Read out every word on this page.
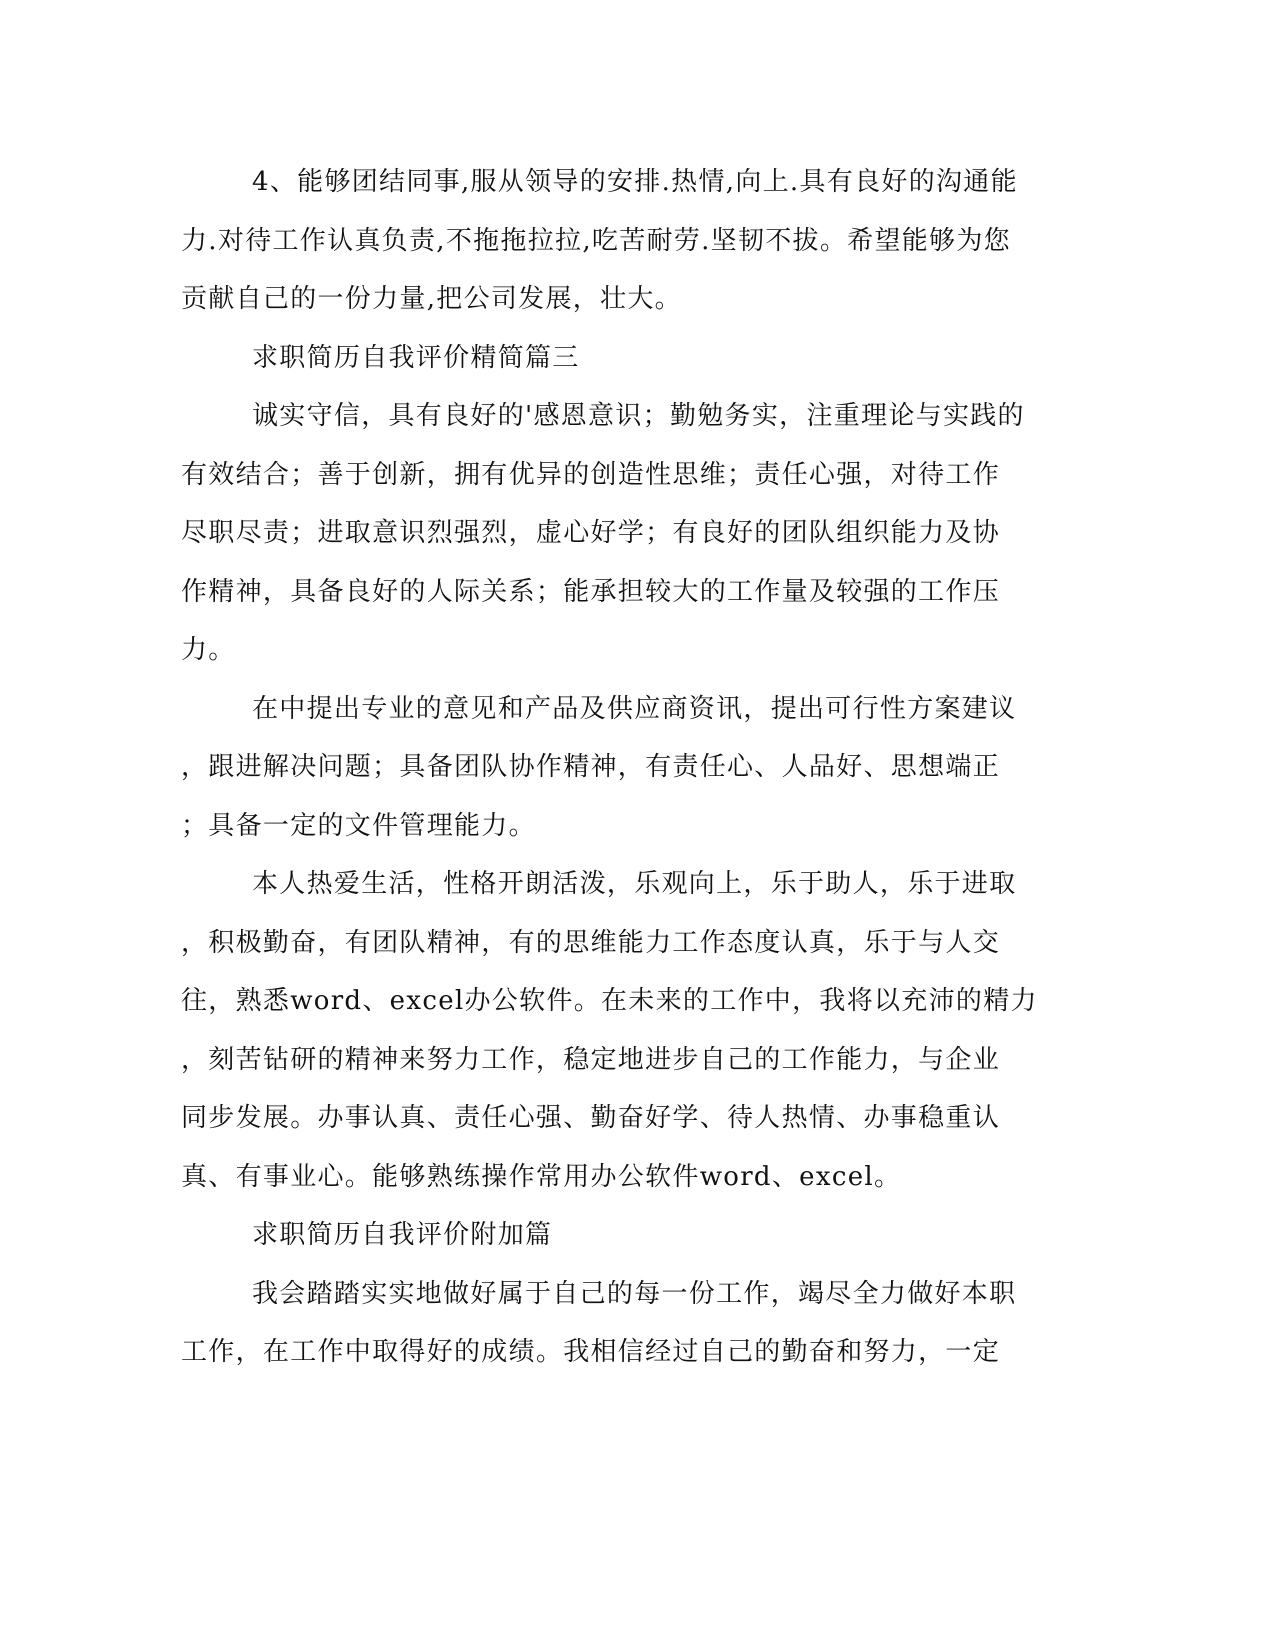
4、能够团结同事,服从领导的安排.热情,向上.具有良好的沟通能
力.对待工作认真负责,不拖拖拉拉,吃苦耐劳.坚韧不拔。希望能够为您
贡献自己的一份力量,把公司发展，壮大。
求职简历自我评价精简篇三
诚实守信，具有良好的'感恩意识；勤勉务实，注重理论与实践的
有效结合；善于创新，拥有优异的创造性思维；责任心强，对待工作
尽职尽责；进取意识烈强烈，虚心好学；有良好的团队组织能力及协
作精神，具备良好的人际关系；能承担较大的工作量及较强的工作压
力。
在中提出专业的意见和产品及供应商资讯，提出可行性方案建议
，跟进解决问题；具备团队协作精神，有责任心、人品好、思想端正
；具备一定的文件管理能力。
本人热爱生活，性格开朗活泼，乐观向上，乐于助人，乐于进取
，积极勤奋，有团队精神，有的思维能力工作态度认真，乐于与人交
往，熟悉word、excel办公软件。在未来的工作中，我将以充沛的精力
，刻苦钻研的精神来努力工作，稳定地进步自己的工作能力，与企业
同步发展。办事认真、责任心强、勤奋好学、待人热情、办事稳重认
真、有事业心。能够熟练操作常用办公软件word、excel。
求职简历自我评价附加篇
我会踏踏实实地做好属于自己的每一份工作，竭尽全力做好本职
工作，在工作中取得好的成绩。我相信经过自己的勤奋和努力，一定
